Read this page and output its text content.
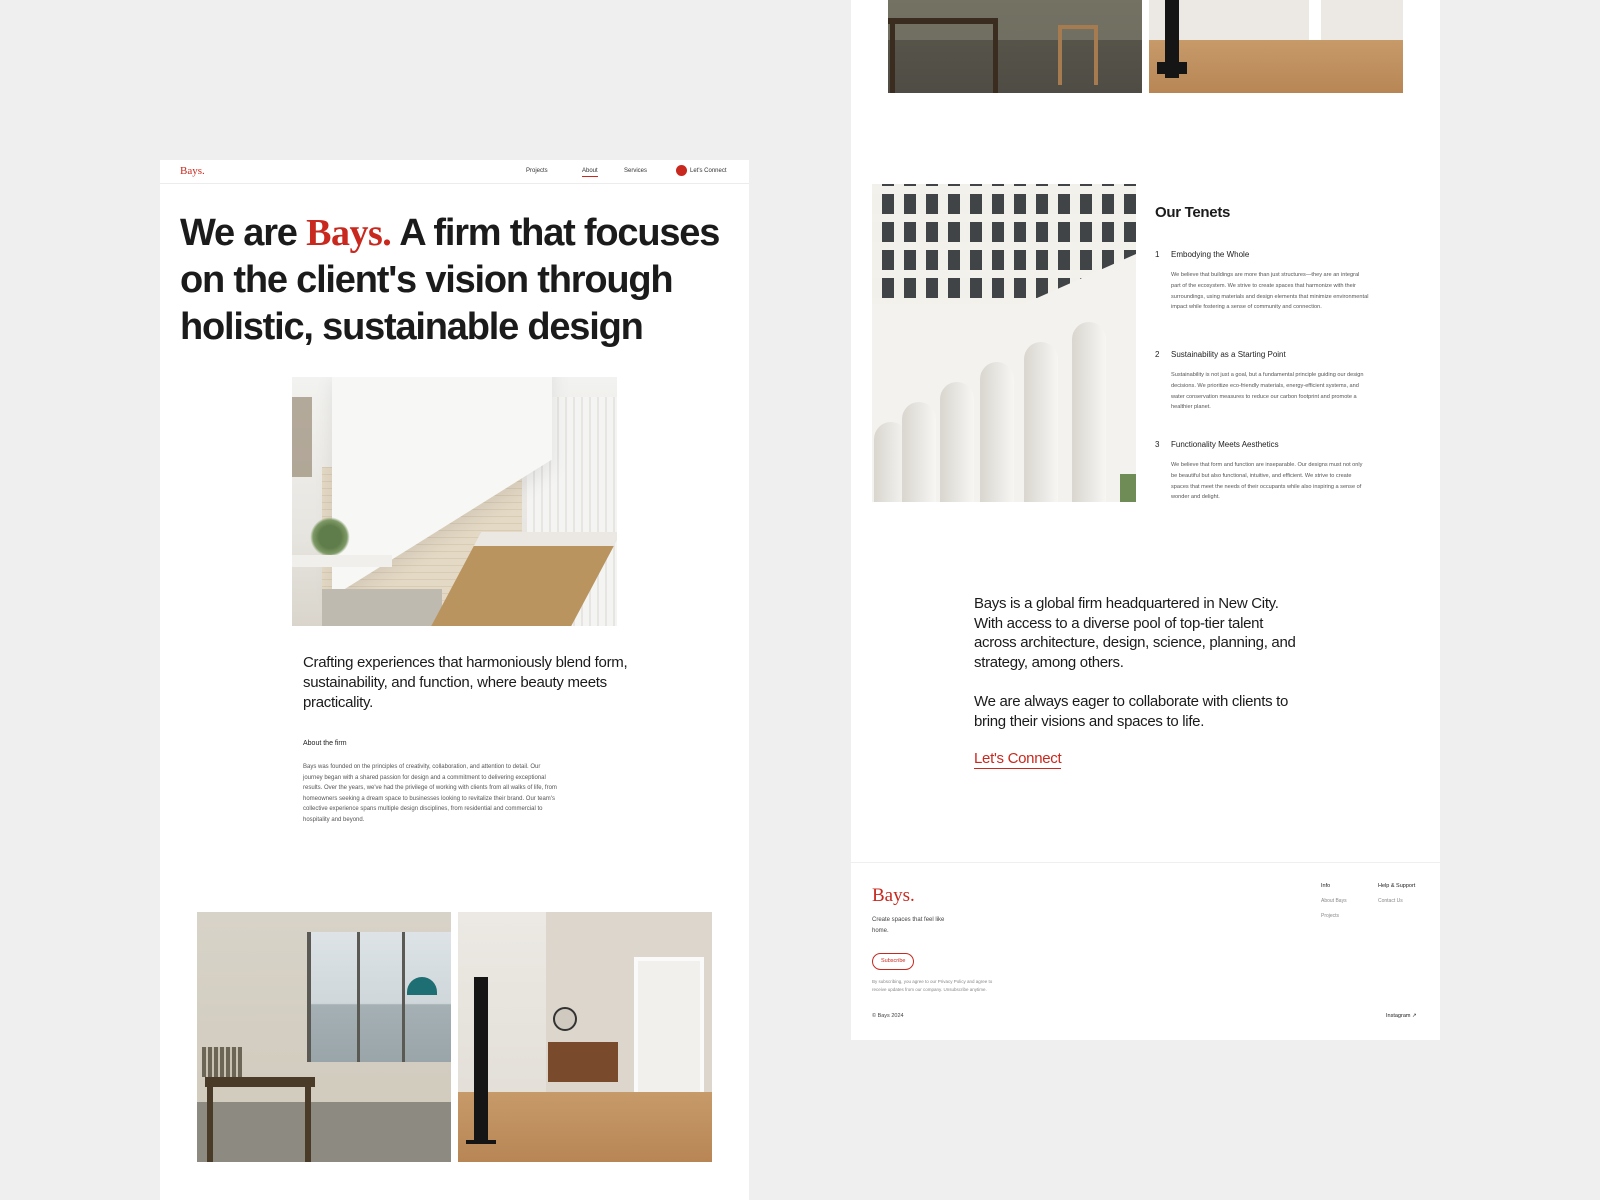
Bays.	Projects	About	Services	Let's Connect
We are Bays. A firm that focuses on the client's vision through holistic, sustainable design

Crafting experiences that harmoniously blend form, sustainability, and function, where beauty meets practicality.

About the firm

Bays was founded on the principles of creativity, collaboration, and attention to detail. Our journey began with a shared passion for design and a commitment to delivering exceptional results. Over the years, we've had the privilege of working with clients from all walks of life, from homeowners seeking a dream space to businesses looking to revitalize their brand. Our team's collective experience spans multiple design disciplines, from residential and commercial to hospitality and beyond.

Our Tenets
1 Embodying the Whole

We believe that buildings are more than just structures—they are an integral part of the ecosystem. We strive to create spaces that harmonize with their surroundings, using materials and design elements that minimize environmental impact while fostering a sense of community and connection.

2 Sustainability as a Starting Point

Sustainability is not just a goal, but a fundamental principle guiding our design decisions. We prioritize eco-friendly materials, energy-efficient systems, and water conservation measures to reduce our carbon footprint and promote a healthier planet.

3 Functionality Meets Aesthetics

We believe that form and function are inseparable. Our designs must not only be beautiful but also functional, intuitive, and efficient. We strive to create spaces that meet the needs of their occupants while also inspiring a sense of wonder and delight.

Bays is a global firm headquartered in New City. With access to a diverse pool of top-tier talent across architecture, design, science, planning, and strategy, among others.

We are always eager to collaborate with clients to bring their visions and spaces to life.

Let's Connect
Bays.
Create spaces that feel like home.
Subscribe
By subscribing, you agree to our Privacy Policy and agree to receive updates from our company. Unsubscribe anytime.
© Bays 2024
Info
About Bays
Projects
Help & Support
Contact Us
Instagram ↗
